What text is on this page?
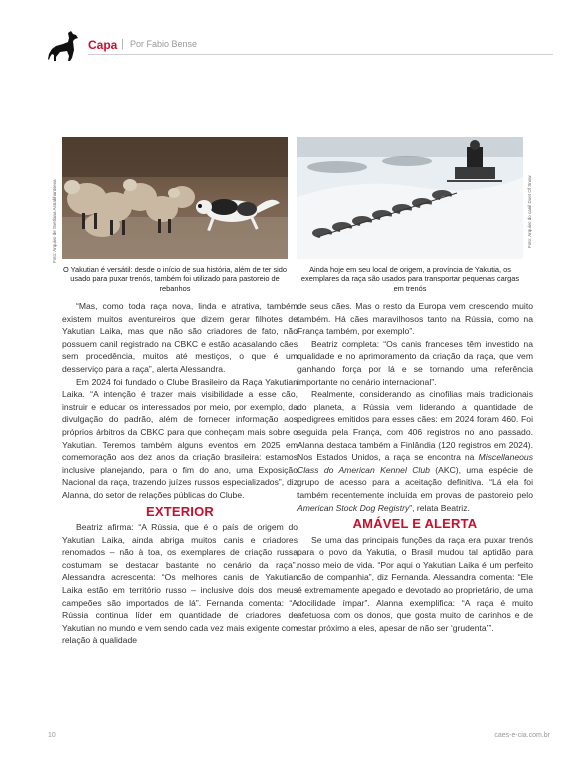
Capa | Por Fabio Bense
Foto: Arquivo de Svetlana Astrakhantseva
O Yakutian é versátil: desde o início de sua história, além de ter sido usado para puxar trenós, também foi utilizado para pastoreio de rebanhos
Foto: Arquivo do canil Duet Of Snow
Ainda hoje em seu local de origem, a província de Yakutia, os exemplares da raça são usados para transportar pequenas cargas em trenós

“Mas, como toda raça nova, linda e atrativa, também existem muitos aventureiros que dizem gerar filhotes de Yakutian Laika, mas que não são criadores de fato, não possuem canil registrado na CBKC e estão acasalando cães sem procedência, muitos até mestiços, o que é um desserviço para a raça”, alerta Alessandra.

Em 2024 foi fundado o Clube Brasileiro da Raça Yakutian Laika. “A intenção é trazer mais visibilidade a esse cão, instruir e educar os interessados por meio, por exemplo, da divulgação do padrão, além de fornecer informação aos próprios árbitros da CBKC para que conheçam mais sobre o Yakutian. Teremos também alguns eventos em 2025 em comemoração aos dez anos da criação brasileira: estamos inclusive planejando, para o fim do ano, uma Exposição Nacional da raça, trazendo juízes russos especializados”, diz Alanna, do setor de relações públicas do Clube.

EXTERIOR

Beatriz afirma: “A Rússia, que é o país de origem do Yakutian Laika, ainda abriga muitos canis e criadores renomados – não à toa, os exemplares de criação russa costumam se destacar bastante no cenário da raça”. Alessandra acrescenta: “Os melhores canis de Yakutian Laika estão em território russo – inclusive dois dos meus campeões são importados de lá”. Fernanda comenta: “A Rússia continua líder em quantidade de criadores de Yakutian no mundo e vem sendo cada vez mais exigente com relação à qualidade

de seus cães. Mas o resto da Europa vem crescendo muito também. Há cães maravilhosos tanto na Rússia, como na França também, por exemplo”.

Beatriz completa: “Os canis franceses têm investido na qualidade e no aprimoramento da criação da raça, que vem ganhando força por lá e se tornando uma referência importante no cenário internacional”.

Realmente, considerando as cinofilias mais tradicionais do planeta, a Rússia vem liderando a quantidade de pedigrees emitidos para esses cães: em 2024 foram 460. Foi seguida pela França, com 406 registros no ano passado. Alanna destaca também a Finlândia (120 registros em 2024). Nos Estados Unidos, a raça se encontra na Miscellaneous Class do American Kennel Club (AKC), uma espécie de grupo de acesso para a aceitação definitiva. “Lá ela foi também recentemente incluída em provas de pastoreio pelo American Stock Dog Registry”, relata Beatriz.

AMÁVEL E ALERTA

Se uma das principais funções da raça era puxar trenós para o povo da Yakutia, o Brasil mudou tal aptidão para nosso meio de vida. “Por aqui o Yakutian Laika é um perfeito cão de companhia”, diz Fernanda. Alessandra comenta: “Ele é extremamente apegado e devotado ao proprietário, de uma docilidade ímpar”. Alanna exemplifica: “A raça é muito afetuosa com os donos, que gosta muito de carinhos e de estar próximo a eles, apesar de não ser ‘grudenta’”.

10	caes-e-cia.com.br
